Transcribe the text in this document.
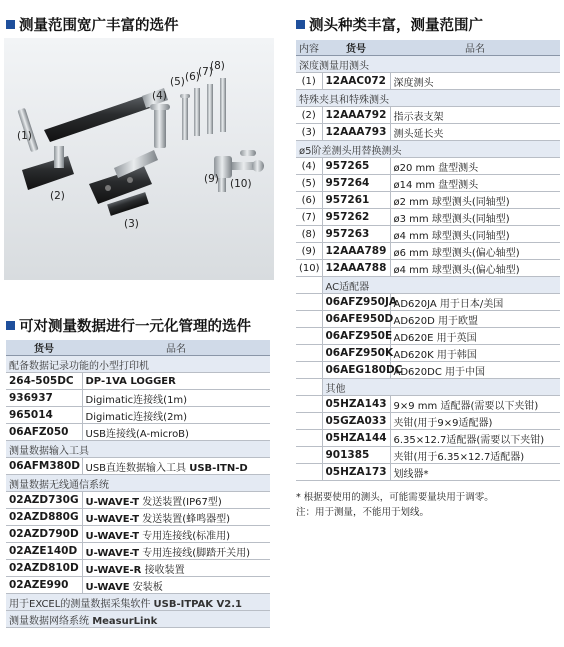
测量范围宽广丰富的选件	测头种类丰富，测量范围广
可对测量数据进行一元化管理的选件
(1)
(2)
(3)
(4)
(5) (6)
(7)
(8)
(9) (10)
货号	品名
配备数据记录功能的小型打印机	
264-505DC	DP-1VA LOGGER
936937	Digimatic连接线(1m)
965014	Digimatic连接线(2m)
06AFZ050	USB连接线(A-microB)
测量数据输入工具	
06AFM380D	USB直连数据输入工具 USB-ITN-D
测量数据无线通信系统	
02AZD730G	U-WAVE-T 发送装置(IP67型)
02AZD880G	U-WAVE-T 发送装置(蜂鸣器型)
02AZD790D	U-WAVE-T 专用连接线(标准用)
02AZE140D	U-WAVE-T 专用连接线(脚踏开关用)
02AZD810D	U-WAVE-R 接收装置
02AZE990	U-WAVE 安装板
用于EXCEL的测量数据采集软件 USB-ITPAK V2.1	
测量数据网络系统 MeasurLink	
内容	货号	品名
深度测量用测头		
(1)	12AAC072	深度测头
特殊夹具和特殊测头		
(2)	12AAA792	指示表支架
(3)	12AAA793	测头延长夹
ø5阶差测头用替换测头		
(4)	957265	ø20 mm 盘型测头
(5)	957264	ø14 mm 盘型测头
(6)	957261	ø2 mm 球型测头(同轴型)
(7)	957262	ø3 mm 球型测头(同轴型)
(8)	957263	ø4 mm 球型测头(同轴型)
(9)	12AAA789	ø6 mm 球型测头(偏心轴型)
(10)	12AAA788	ø4 mm 球型测头(偏心轴型)
	AC适配器	
	06AFZ950JA	AD620JA 用于日本/美国
	06AFE950D	AD620D 用于欧盟
	06AFZ950E	AD620E 用于英国
	06AFZ950K	AD620K 用于韩国
	06AEG180DC	AD620DC 用于中国
	其他	
	05HZA143	9×9 mm 适配器(需要以下夹钳)
	05GZA033	夹钳(用于9×9适配器)
	05HZA144	6.35×12.7适配器(需要以下夹钳)
	901385	夹钳(用于6.35×12.7适配器)
	05HZA173	划线器*
* 根据要使用的测头，可能需要量块用于调零。
注：用于测量，不能用于划线。
